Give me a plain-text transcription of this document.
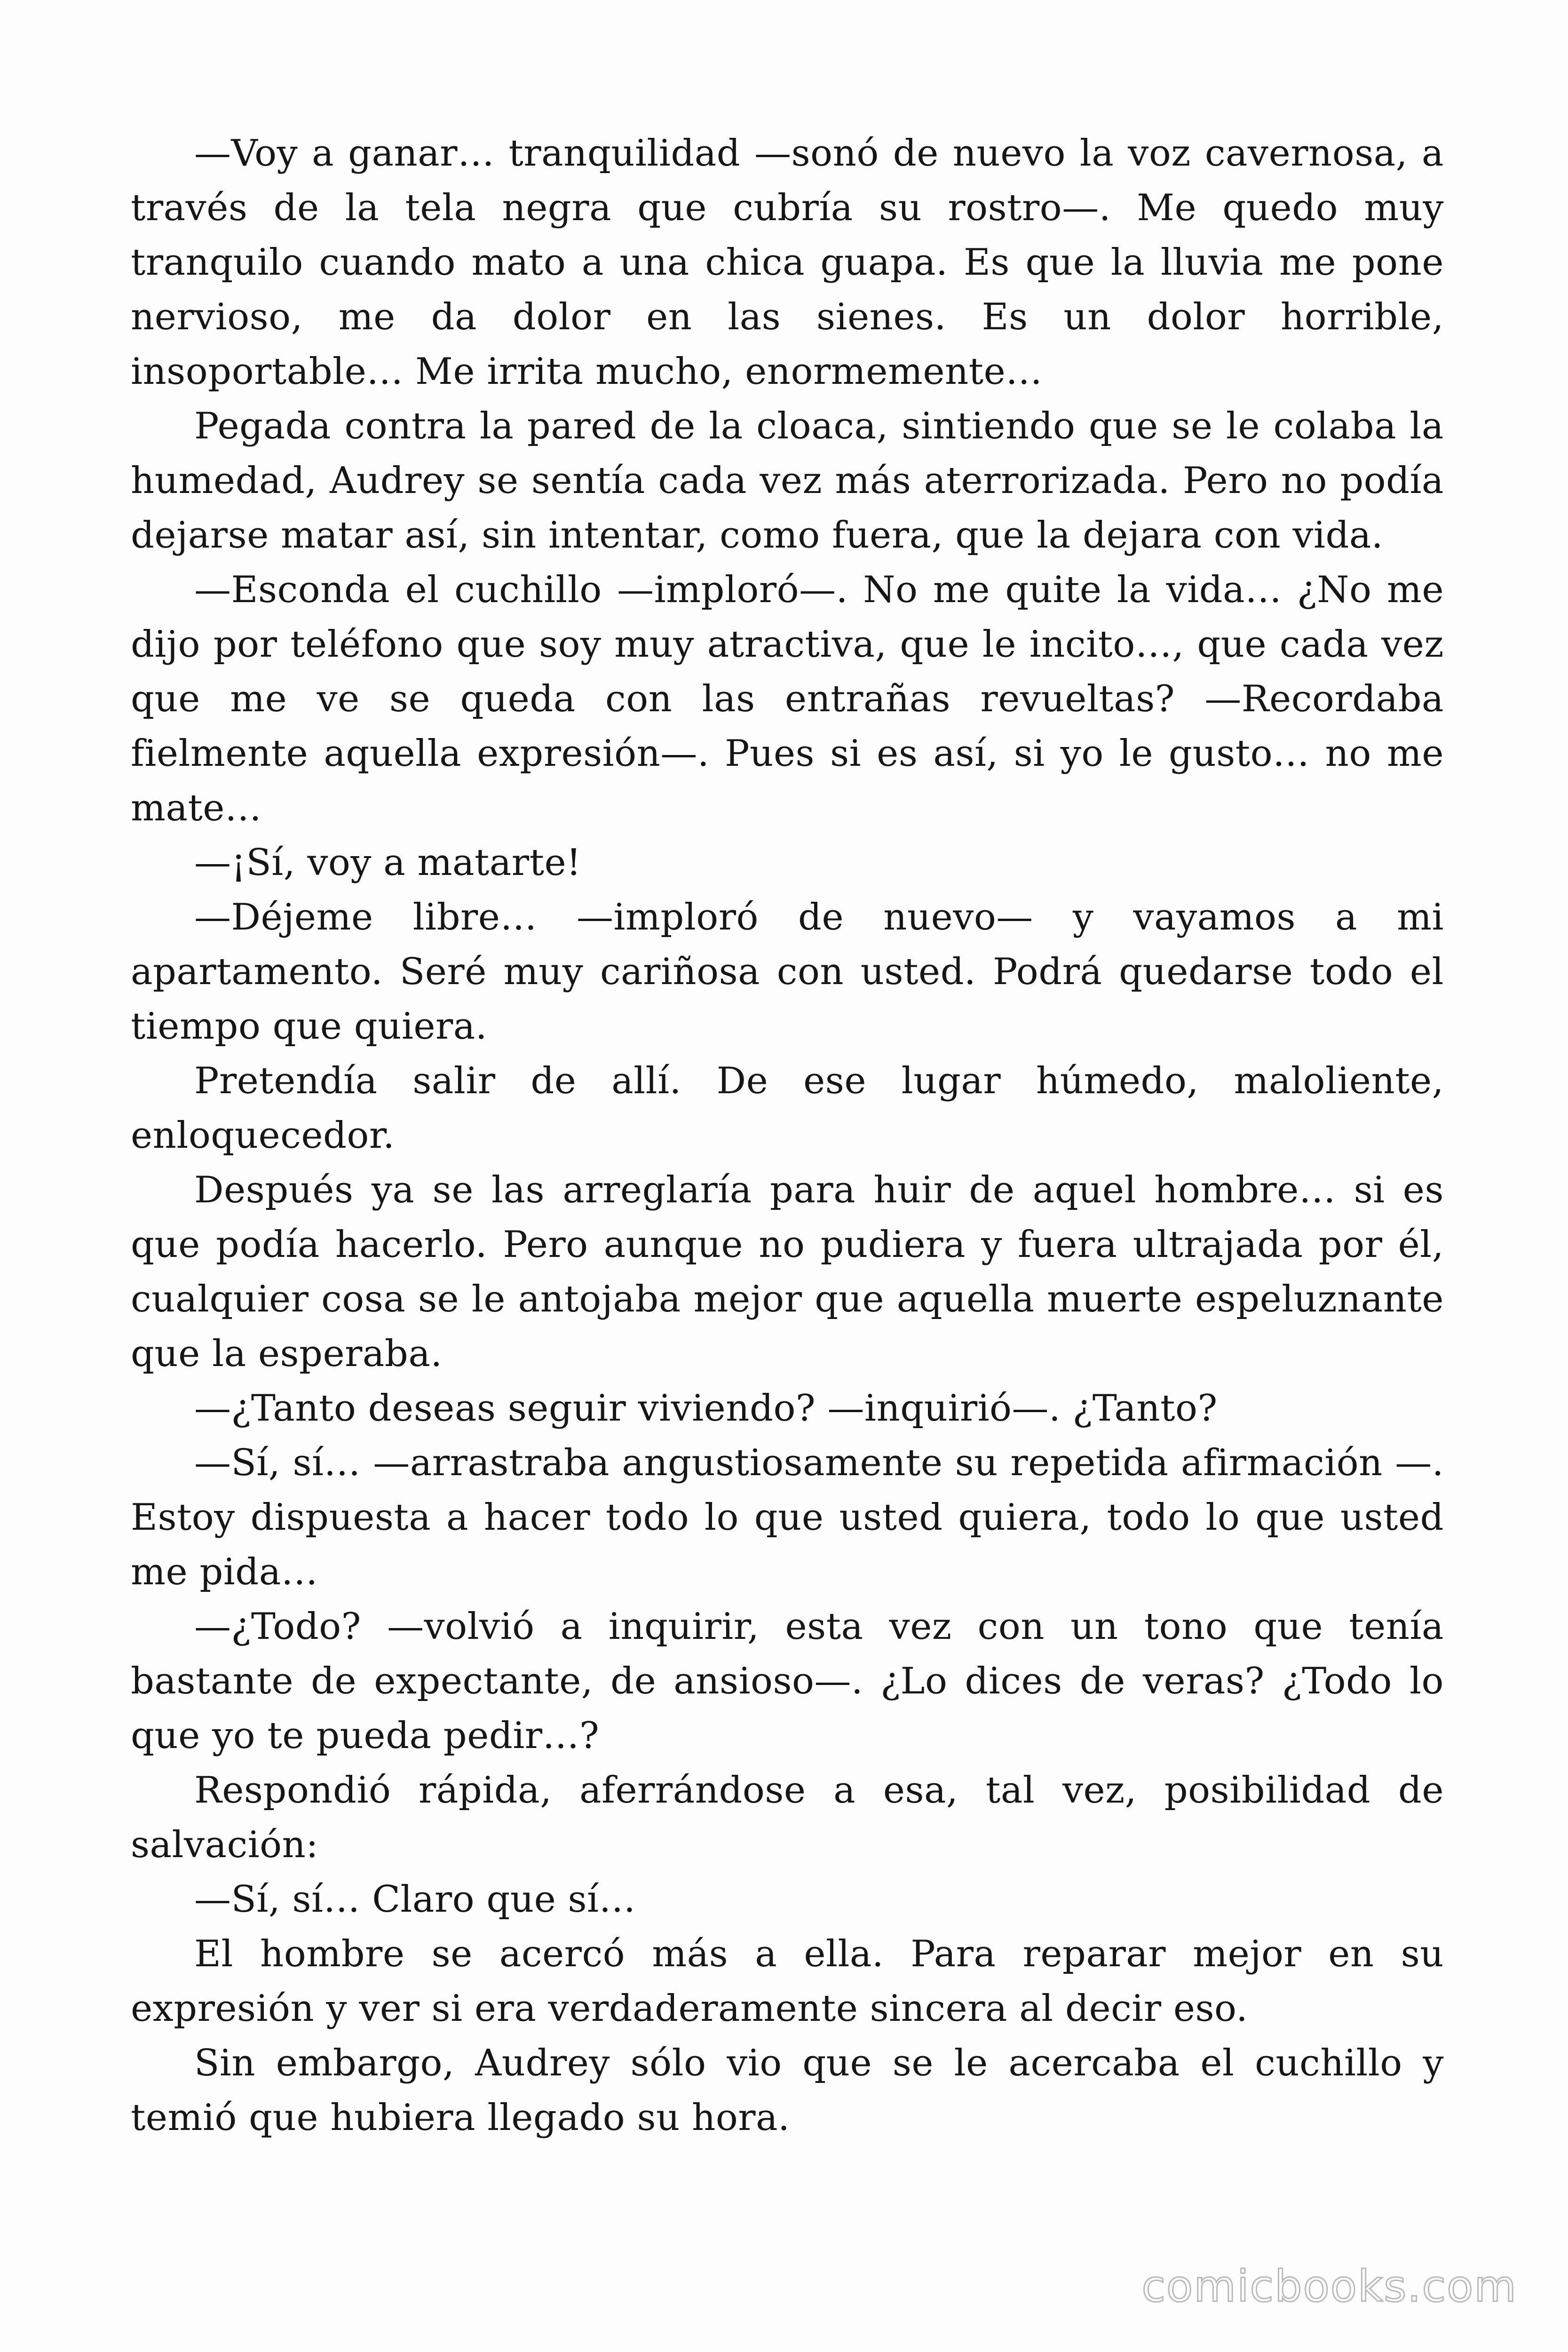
—Voy a ganar… tranquilidad —sonó de nuevo la voz cavernosa, a través de la tela negra que cubría su rostro—. Me quedo muy tranquilo cuando mato a una chica guapa. Es que la lluvia me pone nervioso, me da dolor en las sienes. Es un dolor horrible, insoportable… Me irrita mucho, enormemente…

Pegada contra la pared de la cloaca, sintiendo que se le colaba la humedad, Audrey se sentía cada vez más aterrorizada. Pero no podía dejarse matar así, sin intentar, como fuera, que la dejara con vida.

—Esconda el cuchillo —imploró—. No me quite la vida… ¿No me dijo por teléfono que soy muy atractiva, que le incito…, que cada vez que me ve se queda con las entrañas revueltas? —Recordaba fielmente aquella expresión—. Pues si es así, si yo le gusto… no me mate…

—¡Sí, voy a matarte!

—Déjeme libre… —imploró de nuevo— y vayamos a mi apartamento. Seré muy cariñosa con usted. Podrá quedarse todo el tiempo que quiera.

Pretendía salir de allí. De ese lugar húmedo, maloliente, enloquecedor.

Después ya se las arreglaría para huir de aquel hombre… si es que podía hacerlo. Pero aunque no pudiera y fuera ultrajada por él, cualquier cosa se le antojaba mejor que aquella muerte espeluznante que la esperaba.

—¿Tanto deseas seguir viviendo? —inquirió—. ¿Tanto?

—Sí, sí… —arrastraba angustiosamente su repetida afirmación —. Estoy dispuesta a hacer todo lo que usted quiera, todo lo que usted me pida…

—¿Todo? —volvió a inquirir, esta vez con un tono que tenía bastante de expectante, de ansioso—. ¿Lo dices de veras? ¿Todo lo que yo te pueda pedir…?

Respondió rápida, aferrándose a esa, tal vez, posibilidad de salvación:

—Sí, sí… Claro que sí…

El hombre se acercó más a ella. Para reparar mejor en su expresión y ver si era verdaderamente sincera al decir eso.

Sin embargo, Audrey sólo vio que se le acercaba el cuchillo y temió que hubiera llegado su hora.

comicbooks.com
